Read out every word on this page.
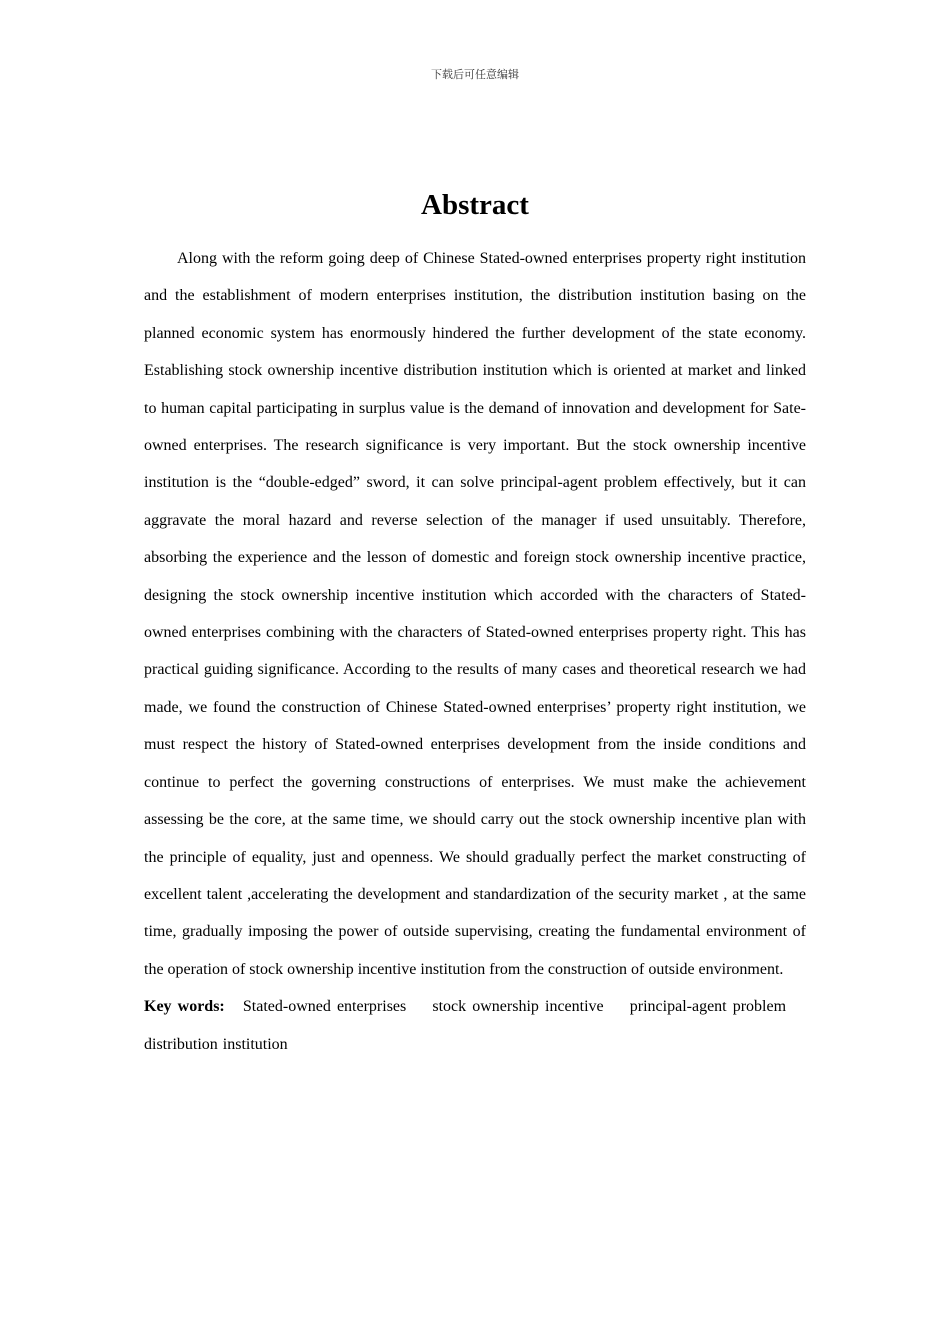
下载后可任意编辑
Abstract

Along with the reform going deep of Chinese Stated-owned enterprises property right institution and the establishment of modern enterprises institution, the distribution institution basing on the planned economic system has enormously hindered the further development of the state economy. Establishing stock ownership incentive distribution institution which is oriented at market and linked to human capital participating in surplus value is the demand of innovation and development for Sate-owned enterprises. The research significance is very important. But the stock ownership incentive institution is the “double-edged” sword, it can solve principal-agent problem effectively, but it can aggravate the moral hazard and reverse selection of the manager if used unsuitably. Therefore, absorbing the experience and the lesson of domestic and foreign stock ownership incentive practice, designing the stock ownership incentive institution which accorded with the characters of Stated-owned enterprises combining with the characters of Stated-owned enterprises property right. This has practical guiding significance. According to the results of many cases and theoretical research we had made, we found the construction of Chinese Stated-owned enterprises’ property right institution, we must respect the history of Stated-owned enterprises development from the inside conditions and continue to perfect the governing constructions of enterprises. We must make the achievement assessing be the core, at the same time, we should carry out the stock ownership incentive plan with the principle of equality, just and openness. We should gradually perfect the market constructing of excellent talent ,accelerating the development and standardization of the security market , at the same time, gradually imposing the power of outside supervising, creating the fundamental environment of the operation of stock ownership incentive institution from the construction of outside environment.

Key words: Stated-owned enterprises stock ownership incentive principal-agent problem distribution institution
